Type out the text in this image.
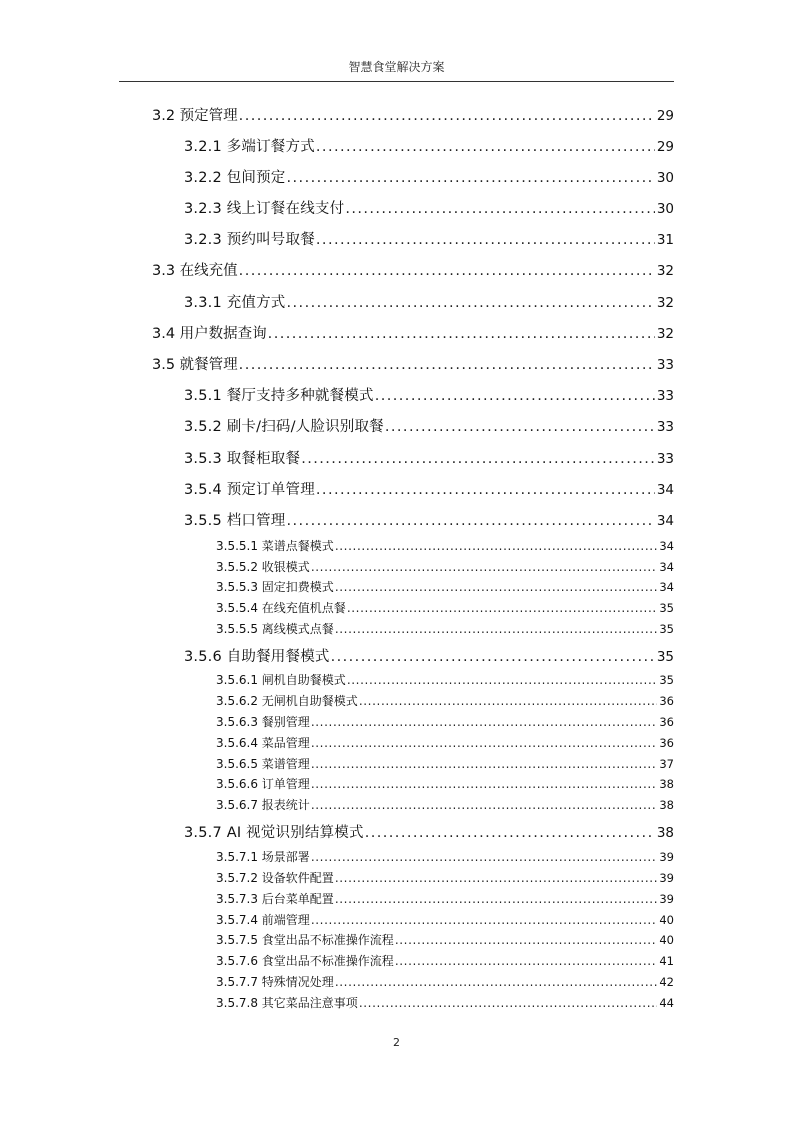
智慧食堂解决方案
3.2 预定管理 . . .	29
3.2.1 多端订餐方式 . . .	29
3.2.2 包间预定 . . .	30
3.2.3 线上订餐在线支付 . . .	30
3.2.3 预约叫号取餐 . . .	31
3.3 在线充值 . . .	32
3.3.1 充值方式 . . .	32
3.4 用户数据查询 . . .	32
3.5 就餐管理 . . .	33
3.5.1 餐厅支持多种就餐模式 . . .	33
3.5.2 刷卡/扫码/人脸识别取餐 . . .	33
3.5.3 取餐柜取餐 . . .	33
3.5.4 预定订单管理 . . .	34
3.5.5 档口管理 . . .	34
3.5.5.1 菜谱点餐模式 . . .	34
3.5.5.2 收银模式 . . .	34
3.5.5.3 固定扣费模式 . . .	34
3.5.5.4 在线充值机点餐 . . .	35
3.5.5.5 离线模式点餐 . . .	35
3.5.6 自助餐用餐模式 . . .	35
3.5.6.1 闸机自助餐模式 . . .	35
3.5.6.2 无闸机自助餐模式 . . .	36
3.5.6.3 餐别管理 . . .	36
3.5.6.4 菜品管理 . . .	36
3.5.6.5 菜谱管理 . . .	37
3.5.6.6 订单管理 . . .	38
3.5.6.7 报表统计 . . .	38
3.5.7 AI 视觉识别结算模式 . . .	38
3.5.7.1 场景部署 . . .	39
3.5.7.2 设备软件配置 . . .	39
3.5.7.3 后台菜单配置 . . .	39
3.5.7.4 前端管理 . . .	40
3.5.7.5 食堂出品不标准操作流程 . . .	40
3.5.7.6 食堂出品不标准操作流程 . . .	41
3.5.7.7 特殊情况处理 . . .	42
3.5.7.8 其它菜品注意事项 . . .	44
2
